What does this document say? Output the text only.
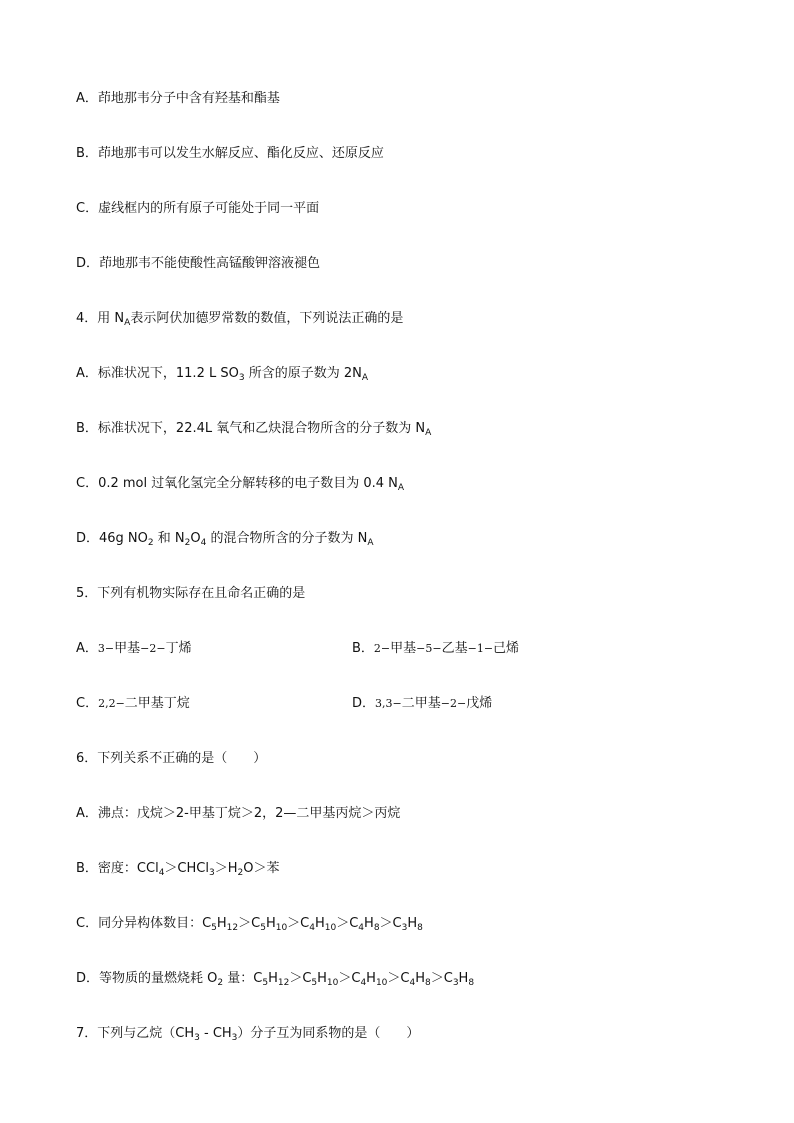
A．茚地那韦分子中含有羟基和酯基
B．茚地那韦可以发生水解反应、酯化反应、还原反应
C．虚线框内的所有原子可能处于同一平面
D．茚地那韦不能使酸性高锰酸钾溶液褪色
4．用 $N_A$表示阿伏加德罗常数的数值，下列说法正确的是
A．标准状况下，11.2 L $SO_3$ 所含的原子数为 $2N_A$
B．标准状况下，22.4L 氧气和乙炔混合物所含的分子数为 $N_A$
C．0.2 mol 过氧化氢完全分解转移的电子数目为 0.4 $N_A$
D．46g $NO_2$ 和 $N_2O_4$ 的混合物所含的分子数为 $N_A$
5．下列有机物实际存在且命名正确的是
A．3−甲基−2−丁烯	B．2−甲基−5−乙基−1−己烯
C．2,2−二甲基丁烷	D．3,3−二甲基−2−戊烯
6．下列关系不正确的是（　　）
A．沸点：戊烷＞2-甲基丁烷＞2，2—二甲基丙烷＞丙烷
B．密度：$CCl_4>CHCl_3>H_2O>$苯
C．同分异构体数目：$C_5H_{12}>C_5H_{10}>C_4H_{10}>C_4H_8>C_3H_8$
D．等物质的量燃烧耗 $O_2$ 量：$C_5H_{12}>C_5H_{10}>C_4H_{10}>C_4H_8>C_3H_8$
7．下列与乙烷$(CH_3 - CH_3)$分子互为同系物的是（　　）
